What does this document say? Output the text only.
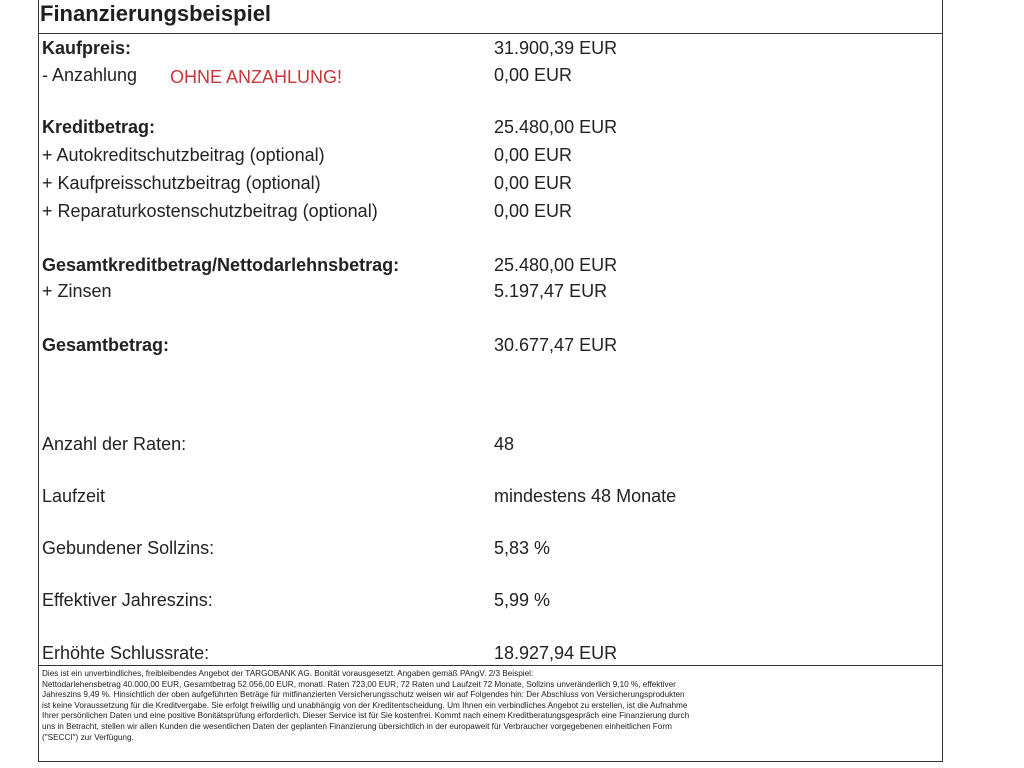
Finanzierungsbeispiel
Kaufpreis:	31.900,39 EUR
- Anzahlung	0,00 EUR
OHNE ANZAHLUNG!
Kreditbetrag:	25.480,00 EUR
+ Autokreditschutzbeitrag (optional)	0,00 EUR
+ Kaufpreisschutzbeitrag (optional)	0,00 EUR
+ Reparaturkostenschutzbeitrag (optional)	0,00 EUR
Gesamtkreditbetrag/Nettodarlehnsbetrag:	25.480,00 EUR
+ Zinsen	5.197,47 EUR
Gesamtbetrag:	30.677,47 EUR
Anzahl der Raten:	48
Laufzeit	mindestens 48 Monate
Gebundener Sollzins:	5,83 %
Effektiver Jahreszins:	5,99 %
Erhöhte Schlussrate:	18.927,94 EUR
Dies ist ein unverbindliches, freibleibendes Angebot der TARGOBANK AG. Bonität vorausgesetzt. Angaben gemäß PAngV. 2/3 Beispiel:
Nettodarlehensbetrag 40.000,00 EUR, Gesamtbetrag 52.056,00 EUR, monatl. Raten 723,00 EUR, 72 Raten und Laufzeit 72 Monate, Sollzins unveränderlich 9,10 %, effektiver
Jahreszins 9,49 %. Hinsichtlich der oben aufgeführten Beträge für mitfinanzierten Versicherungsschutz weisen wir auf Folgendes hin: Der Abschluss von Versicherungsprodukten
ist keine Voraussetzung für die Kreditvergabe. Sie erfolgt freiwillig und unabhängig von der Kreditentscheidung. Um Ihnen ein verbindliches Angebot zu erstellen, ist die Aufnahme
Ihrer persönlichen Daten und eine positive Bonitätsprüfung erforderlich. Dieser Service ist für Sie kostenfrei. Kommt nach einem Kreditberatungsgespräch eine Finanzierung durch
uns in Betracht, stellen wir allen Kunden die wesentlichen Daten der geplanten Finanzierung übersichtlich in der europaweit für Verbraucher vorgegebenen einheitlichen Form
("SECCI") zur Verfügung.
